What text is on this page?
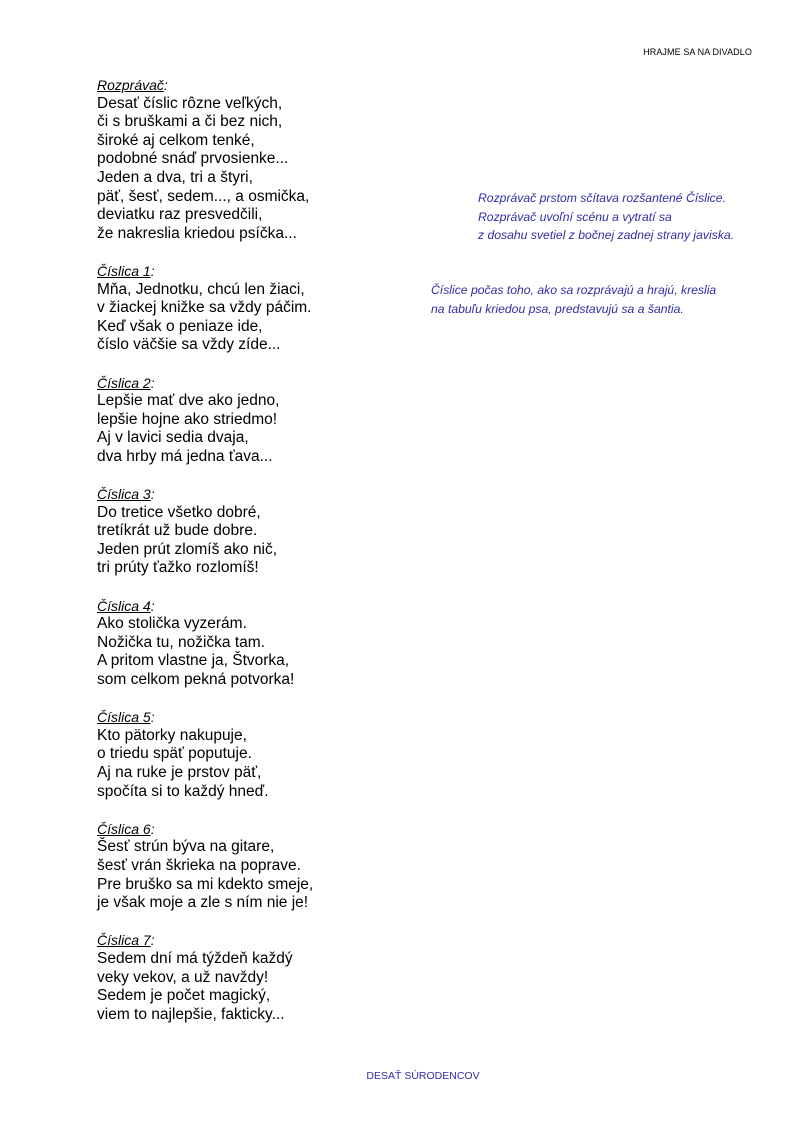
HRAJME SA NA DIVADLO
Rozprávač:
Desať číslic rôzne veľkých,
či s bruškami a či bez nich,
široké aj celkom tenké,
podobné snáď prvosienke...
Jeden a dva, tri a štyri,
päť, šesť, sedem..., a osmička,
deviatku raz presvedčili,
že nakreslia kriedou psíčka...
Číslica 1:
Mňa, Jednotku, chcú len žiaci,
v žiackej knižke sa vždy páčim.
Keď však o peniaze ide,
číslo väčšie sa vždy zíde...
Číslica 2:
Lepšie mať dve ako jedno,
lepšie hojne ako striedmo!
Aj v lavici sedia dvaja,
dva hrby má jedna ťava...
Číslica 3:
Do tretice všetko dobré,
tretíkrát už bude dobre.
Jeden prút zlomíš ako nič,
tri prúty ťažko rozlomíš!
Číslica 4:
Ako stolička vyzerám.
Nožička tu, nožička tam.
A pritom vlastne ja, Štvorka,
som celkom pekná potvorka!
Číslica 5:
Kto pätorky nakupuje,
o triedu späť poputuje.
Aj na ruke je prstov päť,
spočíta si to každý hneď.
Číslica 6:
Šesť strún býva na gitare,
šesť vrán škrieka na poprave.
Pre bruško sa mi kdekto smeje,
je však moje a zle s ním nie je!
Číslica 7:
Sedem dní má týždeň každý
veky vekov, a už navždy!
Sedem je počet magický,
viem to najlepšie, fakticky...
Rozprávač prstom sčítava rozšantené Číslice.
Rozprávač uvoľní scénu a vytratí sa
z dosahu svetiel z bočnej zadnej strany javiska.
Číslice počas toho, ako sa rozprávajú a hrajú, kreslia
na tabuľu kriedou psa, predstavujú sa a šantia.
DESAŤ SÚRODENCOV
